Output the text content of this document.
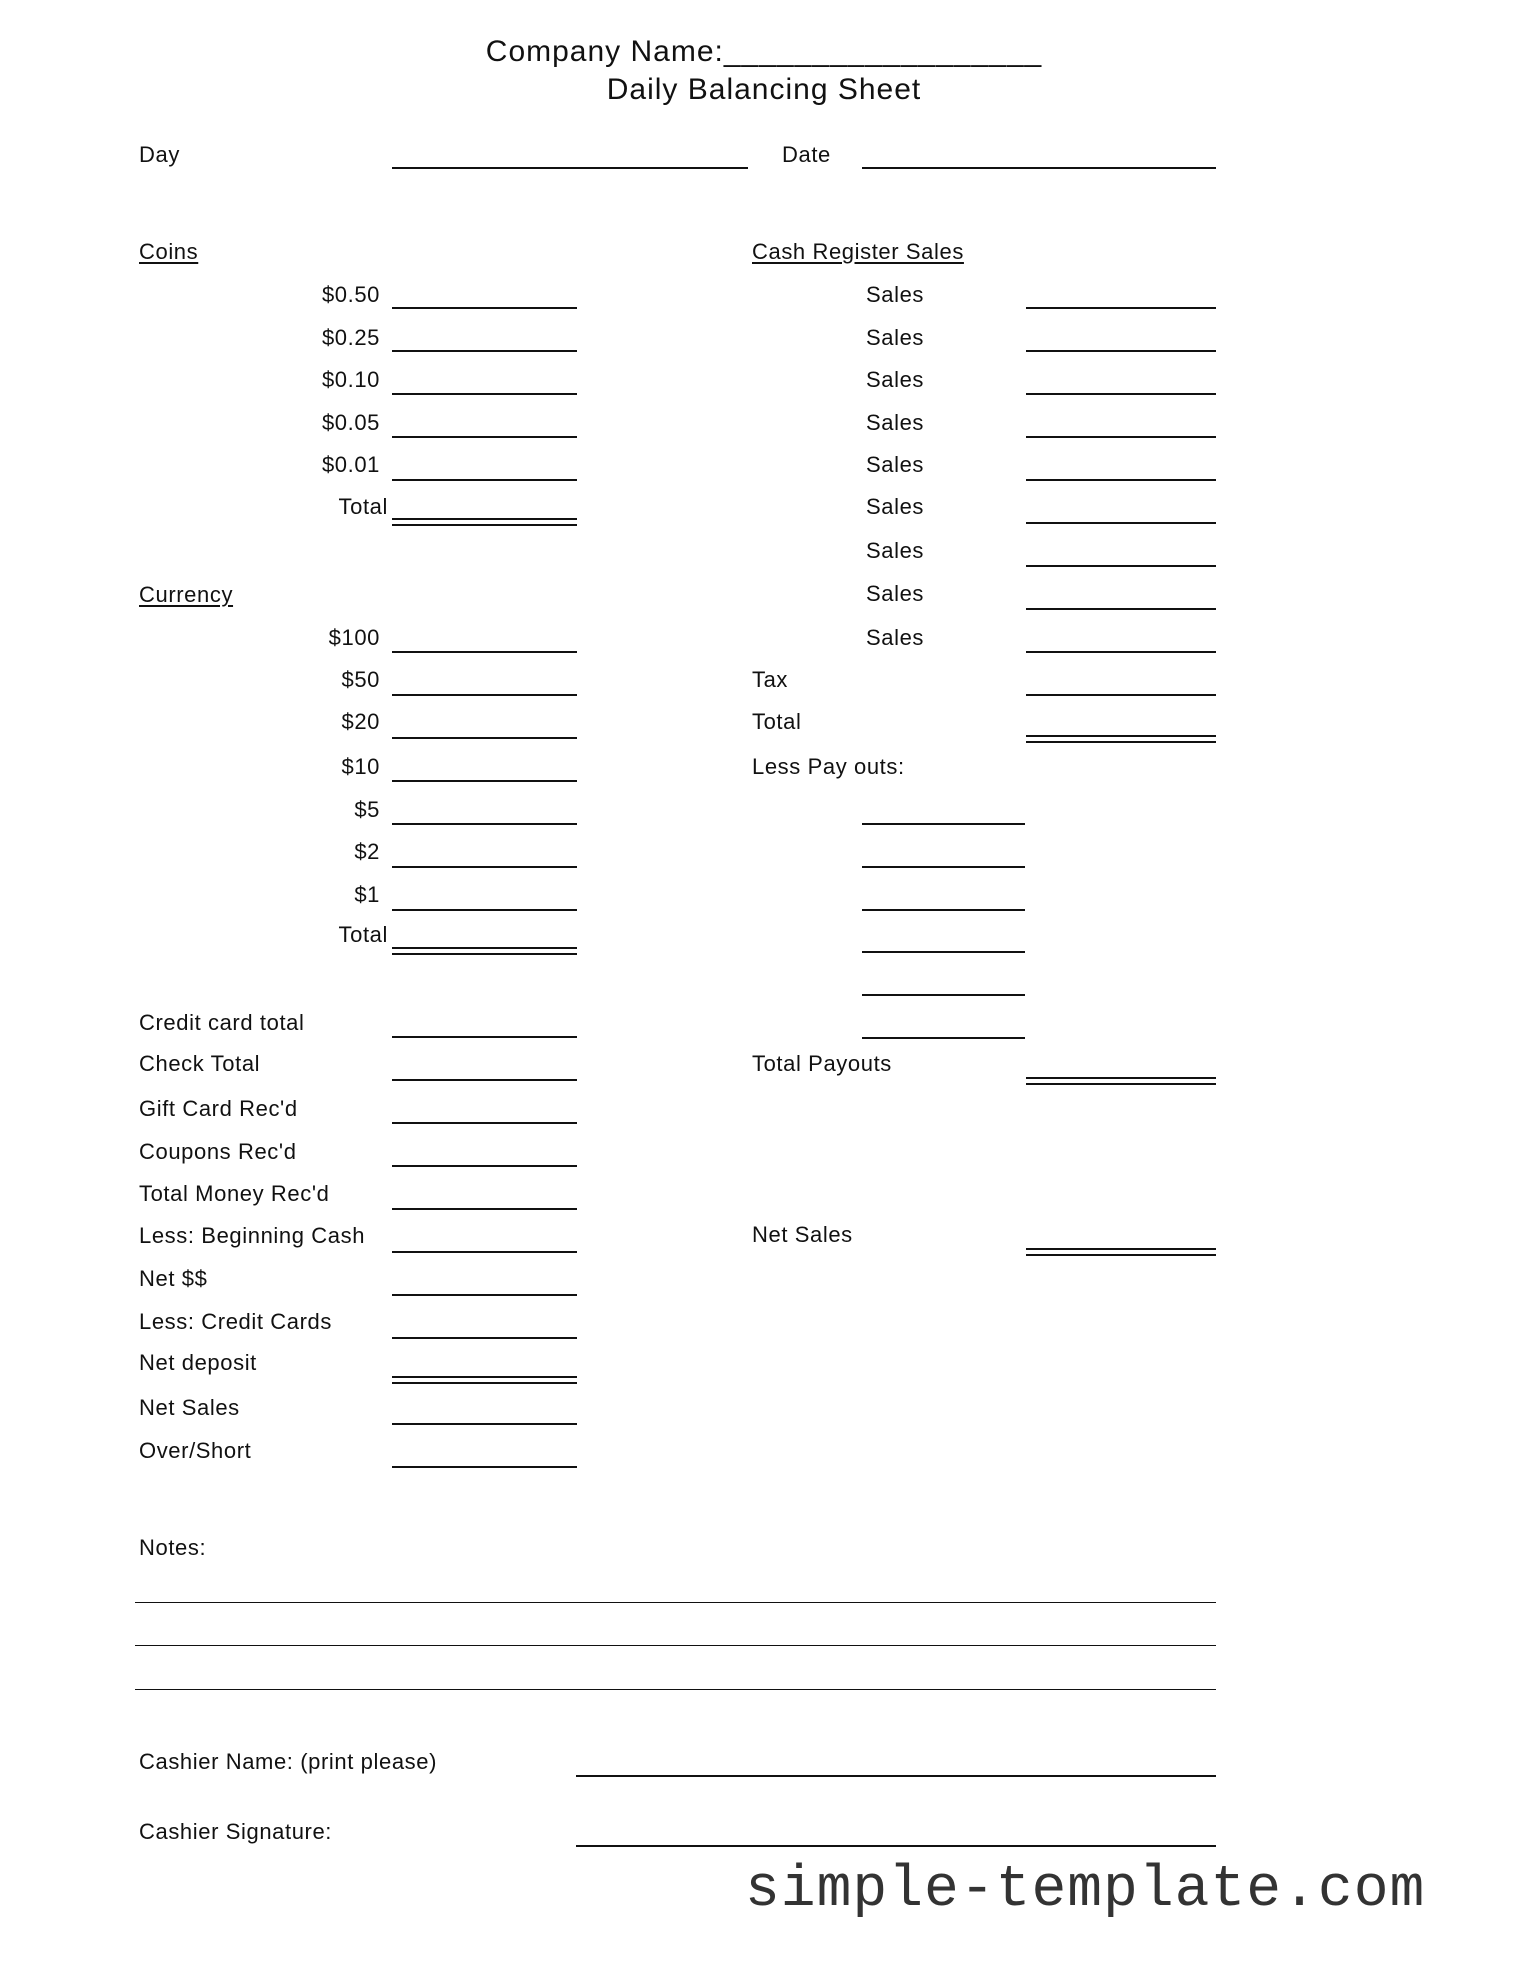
Company Name:__________________
Daily Balancing Sheet
Day	Date
Coins
$0.50
$0.25
$0.10
$0.05
$0.01
Total
Currency
$100
$50
$20
$10
$5
$2
$1
Total
Credit card total
Check Total
Gift Card Rec'd
Coupons Rec'd
Total Money Rec'd
Less: Beginning Cash
Net $$
Less: Credit Cards
Net deposit
Net Sales
Over/Short
Cash Register Sales
Sales
Sales
Sales
Sales
Sales
Sales
Sales
Sales
Sales
Tax
Total
Less Pay outs:
Total Payouts
Net Sales
Notes:
Cashier Name: (print please)
Cashier Signature:
simple-template.com
